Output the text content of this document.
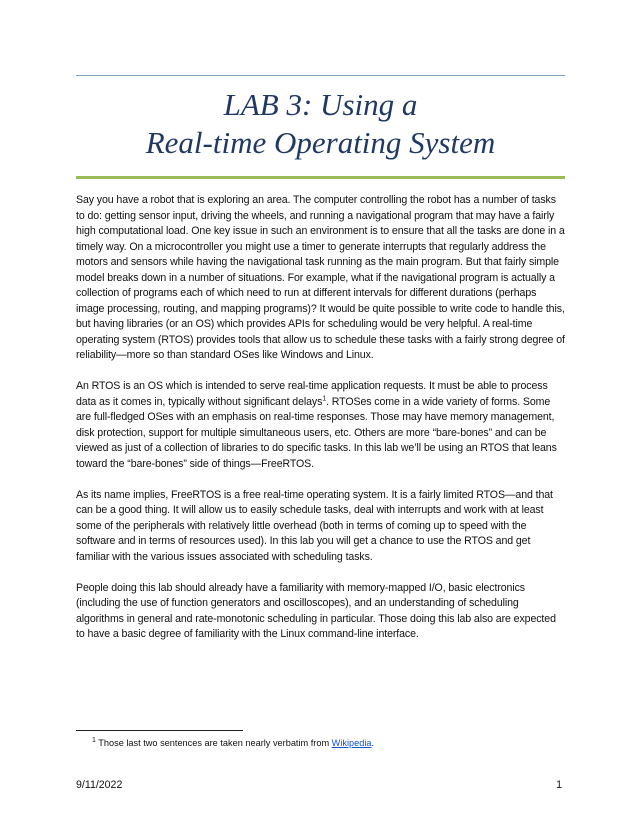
LAB 3: Using a
Real-time Operating System

Say you have a robot that is exploring an area. The computer controlling the robot has a number of tasks to do: getting sensor input, driving the wheels, and running a navigational program that may have a fairly high computational load. One key issue in such an environment is to ensure that all the tasks are done in a timely way. On a microcontroller you might use a timer to generate interrupts that regularly address the motors and sensors while having the navigational task running as the main program. But that fairly simple model breaks down in a number of situations. For example, what if the navigational program is actually a collection of programs each of which need to run at different intervals for different durations (perhaps image processing, routing, and mapping programs)? It would be quite possible to write code to handle this, but having libraries (or an OS) which provides APIs for scheduling would be very helpful. A real-time operating system (RTOS) provides tools that allow us to schedule these tasks with a fairly strong degree of reliability—more so than standard OSes like Windows and Linux.

An RTOS is an OS which is intended to serve real-time application requests. It must be able to process data as it comes in, typically without significant delays$^1$. RTOSes come in a wide variety of forms. Some are full-fledged OSes with an emphasis on real-time responses. Those may have memory management, disk protection, support for multiple simultaneous users, etc. Others are more “bare-bones” and can be viewed as just of a collection of libraries to do specific tasks. In this lab we’ll be using an RTOS that leans toward the “bare-bones” side of things—FreeRTOS.

As its name implies, FreeRTOS is a free real-time operating system. It is a fairly limited RTOS—and that can be a good thing. It will allow us to easily schedule tasks, deal with interrupts and work with at least some of the peripherals with relatively little overhead (both in terms of coming up to speed with the software and in terms of resources used). In this lab you will get a chance to use the RTOS and get familiar with the various issues associated with scheduling tasks.

People doing this lab should already have a familiarity with memory-mapped I/O, basic electronics (including the use of function generators and oscilloscopes), and an understanding of scheduling algorithms in general and rate-monotonic scheduling in particular. Those doing this lab also are expected to have a basic degree of familiarity with the Linux command-line interface.

$^1$ Those last two sentences are taken nearly verbatim from Wikipedia.
9/11/2022	1
